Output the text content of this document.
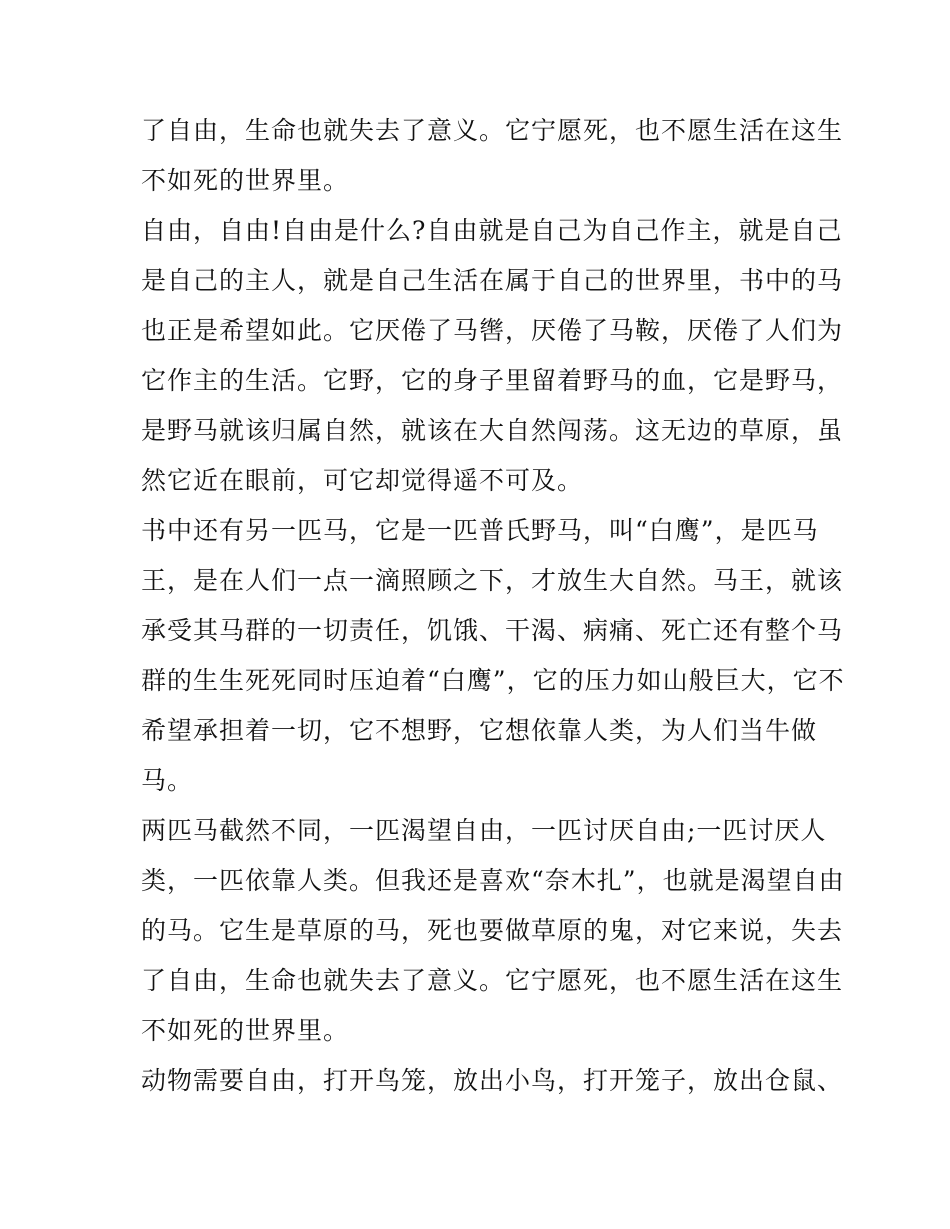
了自由，生命也就失去了意义。它宁愿死，也不愿生活在这生
不如死的世界里。
自由，自由!自由是什么?自由就是自己为自己作主，就是自己
是自己的主人，就是自己生活在属于自己的世界里，书中的马
也正是希望如此。它厌倦了马辔，厌倦了马鞍，厌倦了人们为
它作主的生活。它野，它的身子里留着野马的血，它是野马，
是野马就该归属自然，就该在大自然闯荡。这无边的草原，虽
然它近在眼前，可它却觉得遥不可及。
书中还有另一匹马，它是一匹普氏野马，叫“白鹰”，是匹马
王，是在人们一点一滴照顾之下，才放生大自然。马王，就该
承受其马群的一切责任，饥饿、干渴、病痛、死亡还有整个马
群的生生死死同时压迫着“白鹰”，它的压力如山般巨大，它不
希望承担着一切，它不想野，它想依靠人类，为人们当牛做
马。
两匹马截然不同，一匹渴望自由，一匹讨厌自由;一匹讨厌人
类，一匹依靠人类。但我还是喜欢“奈木扎”，也就是渴望自由
的马。它生是草原的马，死也要做草原的鬼，对它来说，失去
了自由，生命也就失去了意义。它宁愿死，也不愿生活在这生
不如死的世界里。
动物需要自由，打开鸟笼，放出小鸟，打开笼子，放出仓鼠、
